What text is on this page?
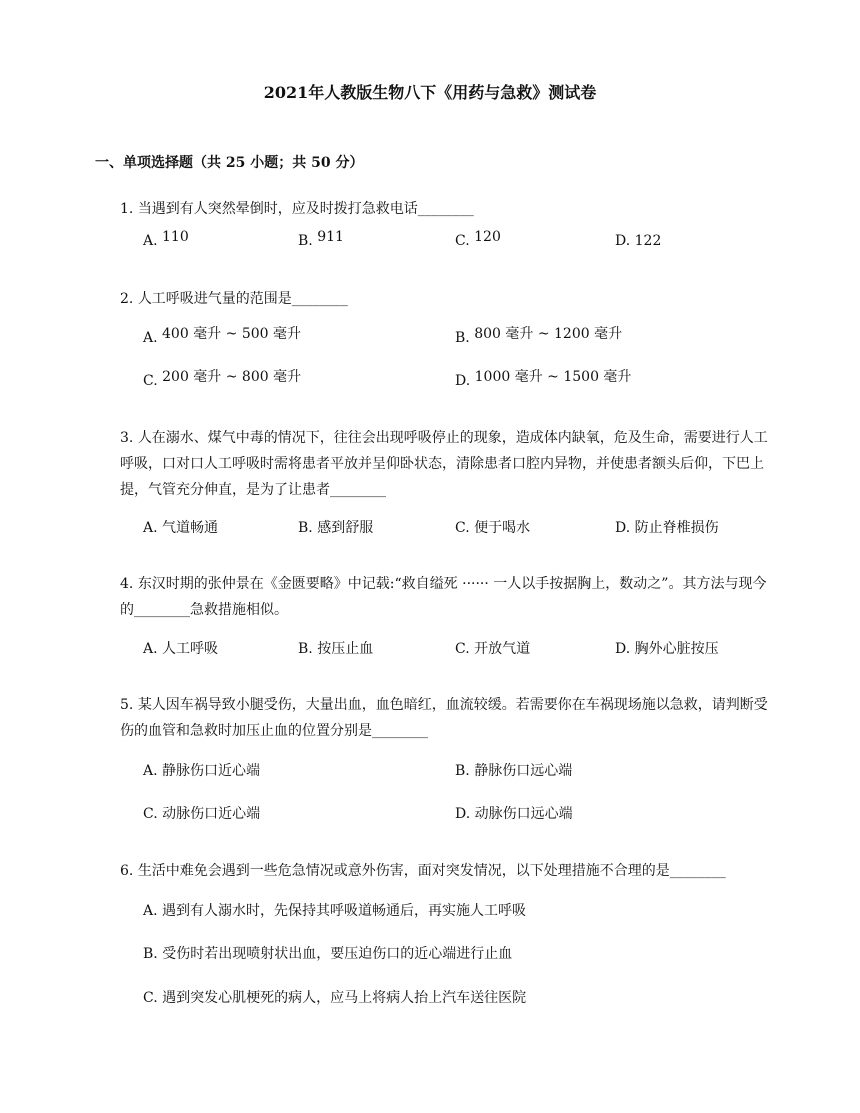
2021年人教版生物八下《用药与急救》测试卷
一、单项选择题（共 25 小题；共 50 分）
1. 当遇到有人突然晕倒时，应及时拨打急救电话________
A. 110	B. 911	C. 120	D. 122
2. 人工呼吸进气量的范围是________
A. 400 毫升 ~ 500 毫升	B. 800 毫升 ~ 1200 毫升
C. 200 毫升 ~ 800 毫升	D. 1000 毫升 ~ 1500 毫升
3. 人在溺水、煤气中毒的情况下，往往会出现呼吸停止的现象，造成体内缺氧，危及生命，需要进行人工呼吸，口对口人工呼吸时需将患者平放并呈仰卧状态，清除患者口腔内异物，并使患者额头后仰，下巴上提，气管充分伸直，是为了让患者________
A. 气道畅通	B. 感到舒服	C. 便于喝水	D. 防止脊椎损伤
4. 东汉时期的张仲景在《金匮要略》中记载:“救自缢死 ······ 一人以手按据胸上，数动之”。其方法与现今的________急救措施相似。
A. 人工呼吸	B. 按压止血	C. 开放气道	D. 胸外心脏按压
5. 某人因车祸导致小腿受伤，大量出血，血色暗红，血流较缓。若需要你在车祸现场施以急救，请判断受伤的血管和急救时加压止血的位置分别是________
A. 静脉伤口近心端	B. 静脉伤口远心端
C. 动脉伤口近心端	D. 动脉伤口远心端
6. 生活中难免会遇到一些危急情况或意外伤害，面对突发情况，以下处理措施不合理的是________
A. 遇到有人溺水时，先保持其呼吸道畅通后，再实施人工呼吸
B. 受伤时若出现喷射状出血，要压迫伤口的近心端进行止血
C. 遇到突发心肌梗死的病人，应马上将病人抬上汽车送往医院
